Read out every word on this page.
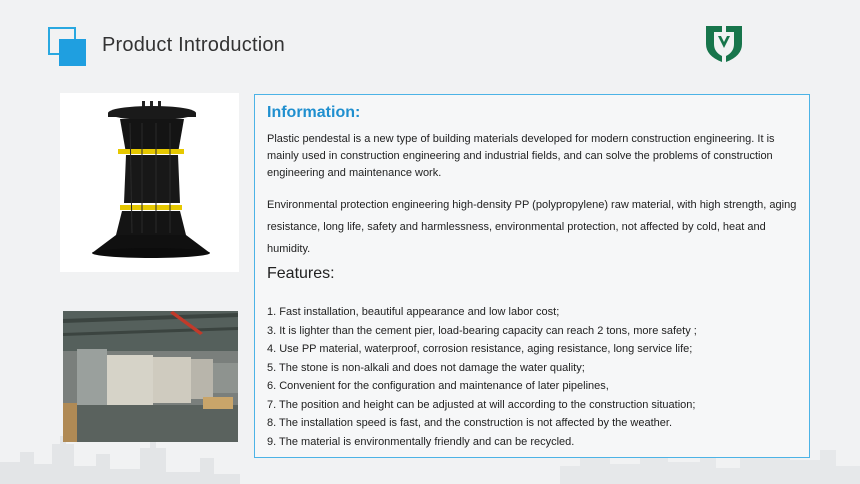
Product Introduction
Information:
Plastic pendestal is a new type of building materials developed for modern construction engineering. It is mainly used in construction engineering and industrial fields, and can solve the problems of construction engineering and maintenance work.
Environmental protection engineering high-density PP (polypropylene) raw material, with high strength, aging resistance, long life, safety and harmlessness, environmental protection, not affected by cold, heat and humidity.
Features:
1. Fast installation, beautiful appearance and low labor cost;
3. It is lighter than the cement pier, load-bearing capacity can reach 2 tons, more safety ;
4. Use PP material, waterproof, corrosion resistance, aging resistance, long service life;
5. The stone is non-alkali and does not damage the water quality;
6. Convenient for the configuration and maintenance of later pipelines,
7. The position and height can be adjusted at will according to the construction situation;
8. The installation speed is fast, and the construction is not affected by the weather.
9. The material is environmentally friendly and can be recycled.
